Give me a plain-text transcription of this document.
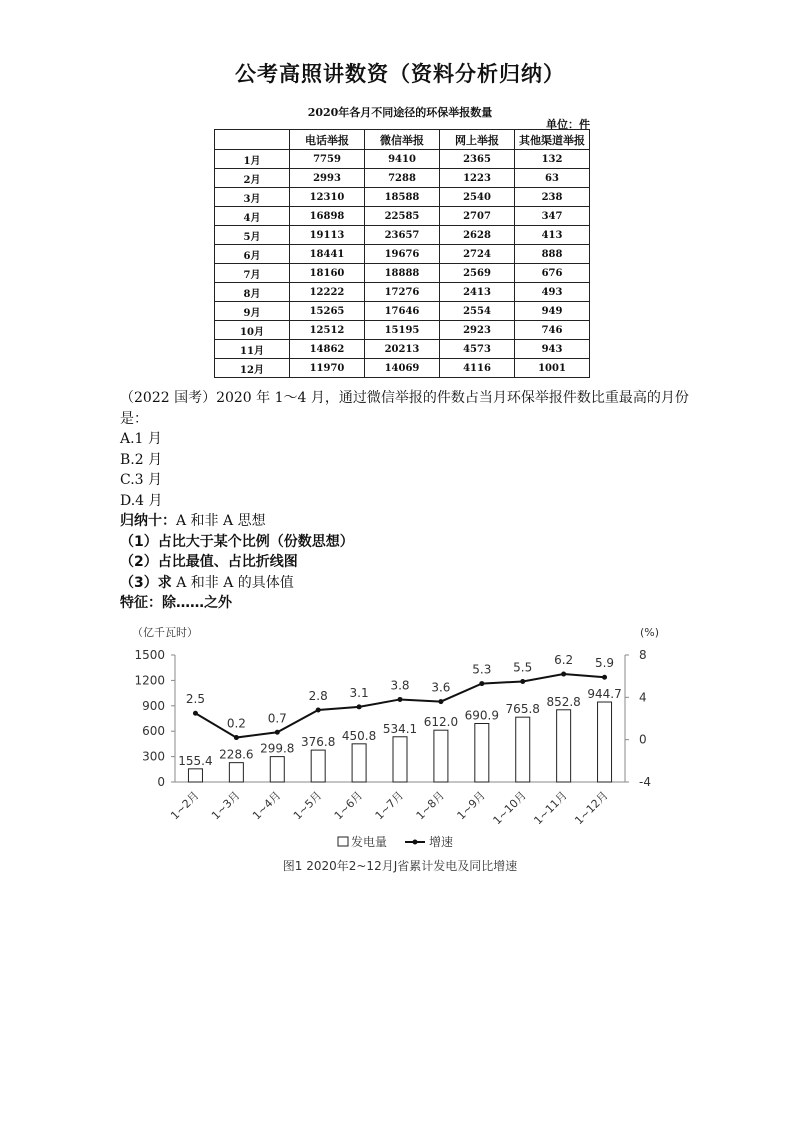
公考高照讲数资（资料分析归纳）
2020年各月不同途径的环保举报数量
单位：件
	电话举报	微信举报	网上举报	其他渠道举报
1月	7759	9410	2365	132
2月	2993	7288	1223	63
3月	12310	18588	2540	238
4月	16898	22585	2707	347
5月	19113	23657	2628	413
6月	18441	19676	2724	888
7月	18160	18888	2569	676
8月	12222	17276	2413	493
9月	15265	17646	2554	949
10月	12512	15195	2923	746
11月	14862	20213	4573	943
12月	11970	14069	4116	1001
（2022 国考）2020 年 1～4 月，通过微信举报的件数占当月环保举报件数比重最高的月份
是：
A.1 月
B.2 月
C.3 月
D.4 月
归纳十：A 和非 A 思想
（1）占比大于某个比例（份数思想）
（2）占比最值、占比折线图
（3）求 A 和非 A 的具体值
特征：除……之外
（亿千瓦时）	(%)
0
300
600
900
1200
1500
-4
0
4
8
155.4 228.6 299.8 376.8 450.8
534.1 612.0 690.9 765.8
852.8
944.7
2.5
0.2 0.7
2.8 3.1
3.8 3.6
5.3 5.5
6.2 5.9
1~2月 1~3月 1~4月 1~5月 1~6月 1~7月 1~8月 1~9月 1~10月 1~11月 1~12月
发电量	增速
图1 2020年2~12月J省累计发电及同比增速
